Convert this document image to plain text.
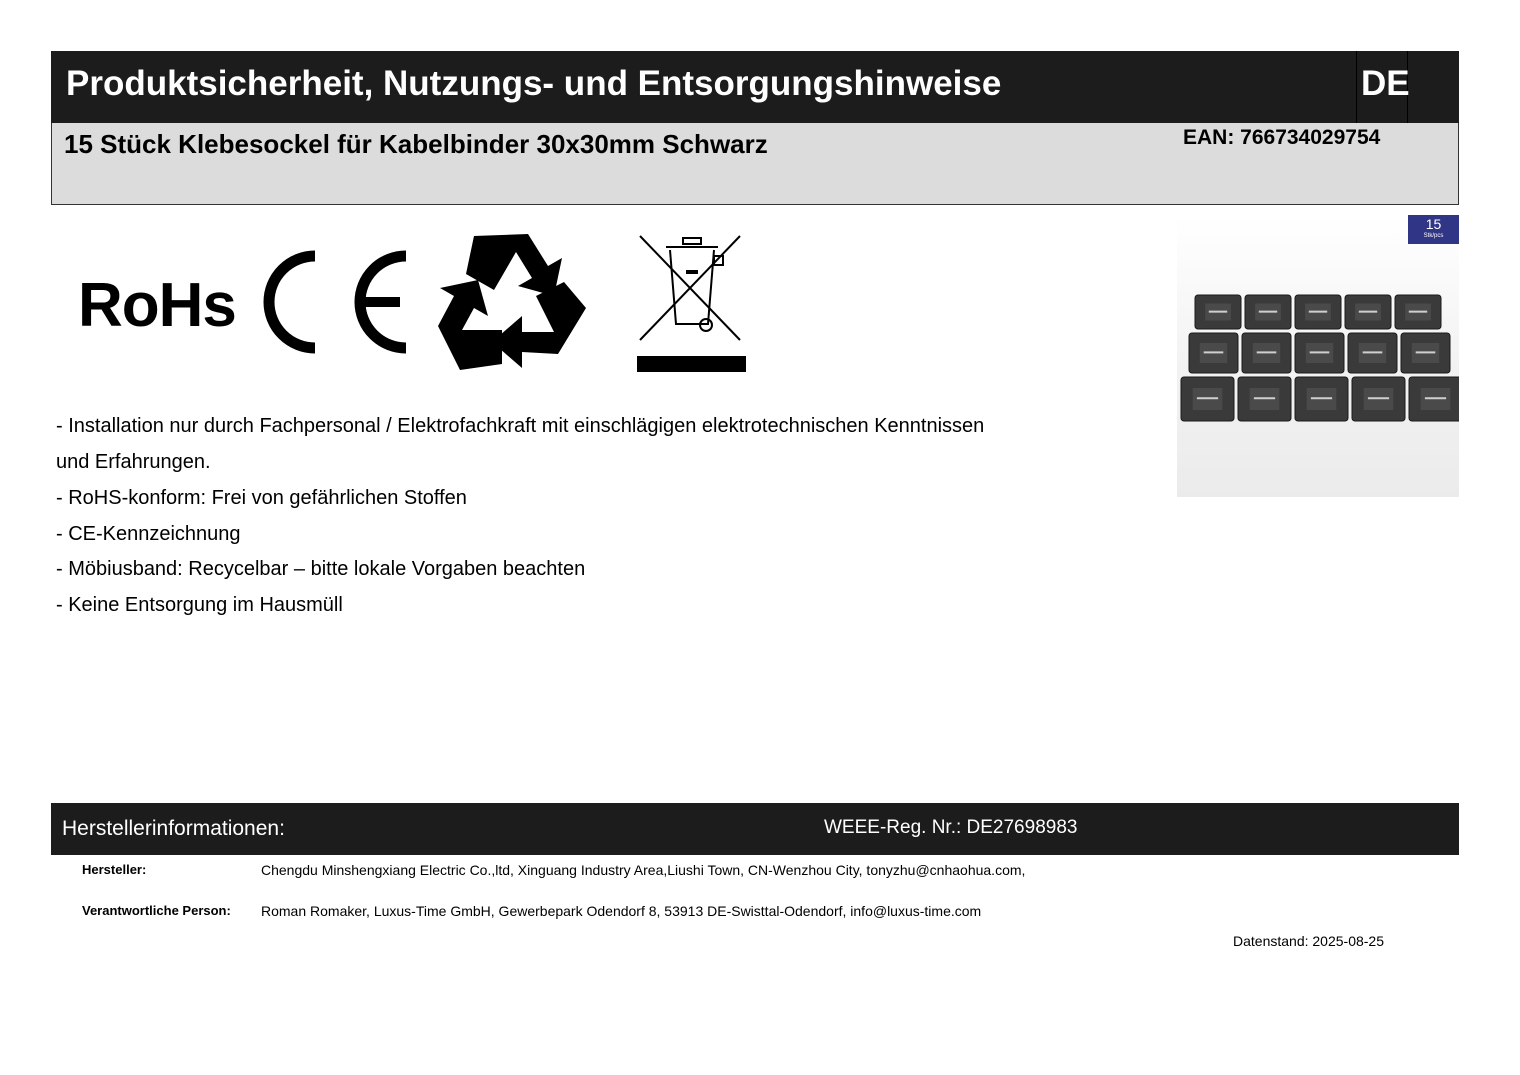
Produktsicherheit, Nutzungs- und Entsorgungshinweise	DE
15 Stück Klebesockel für Kabelbinder 30x30mm Schwarz	EAN: 766734029754
RoHs
15
Stk/pcs
- Installation nur durch Fachpersonal / Elektrofachkraft mit einschlägigen elektrotechnischen Kenntnissen
und Erfahrungen.
- RoHS-konform: Frei von gefährlichen Stoffen
- CE-Kennzeichnung
- Möbiusband: Recycelbar – bitte lokale Vorgaben beachten
- Keine Entsorgung im Hausmüll
Herstellerinformationen:	WEEE-Reg. Nr.: DE27698983
Hersteller:	Chengdu Minshengxiang Electric Co.,ltd, Xinguang Industry Area,Liushi Town, CN-Wenzhou City, tonyzhu@cnhaohua.com,
Verantwortliche Person: Roman Romaker, Luxus-Time GmbH, Gewerbepark Odendorf 8, 53913 DE-Swisttal-Odendorf, info@luxus-time.com
Datenstand: 2025-08-25
